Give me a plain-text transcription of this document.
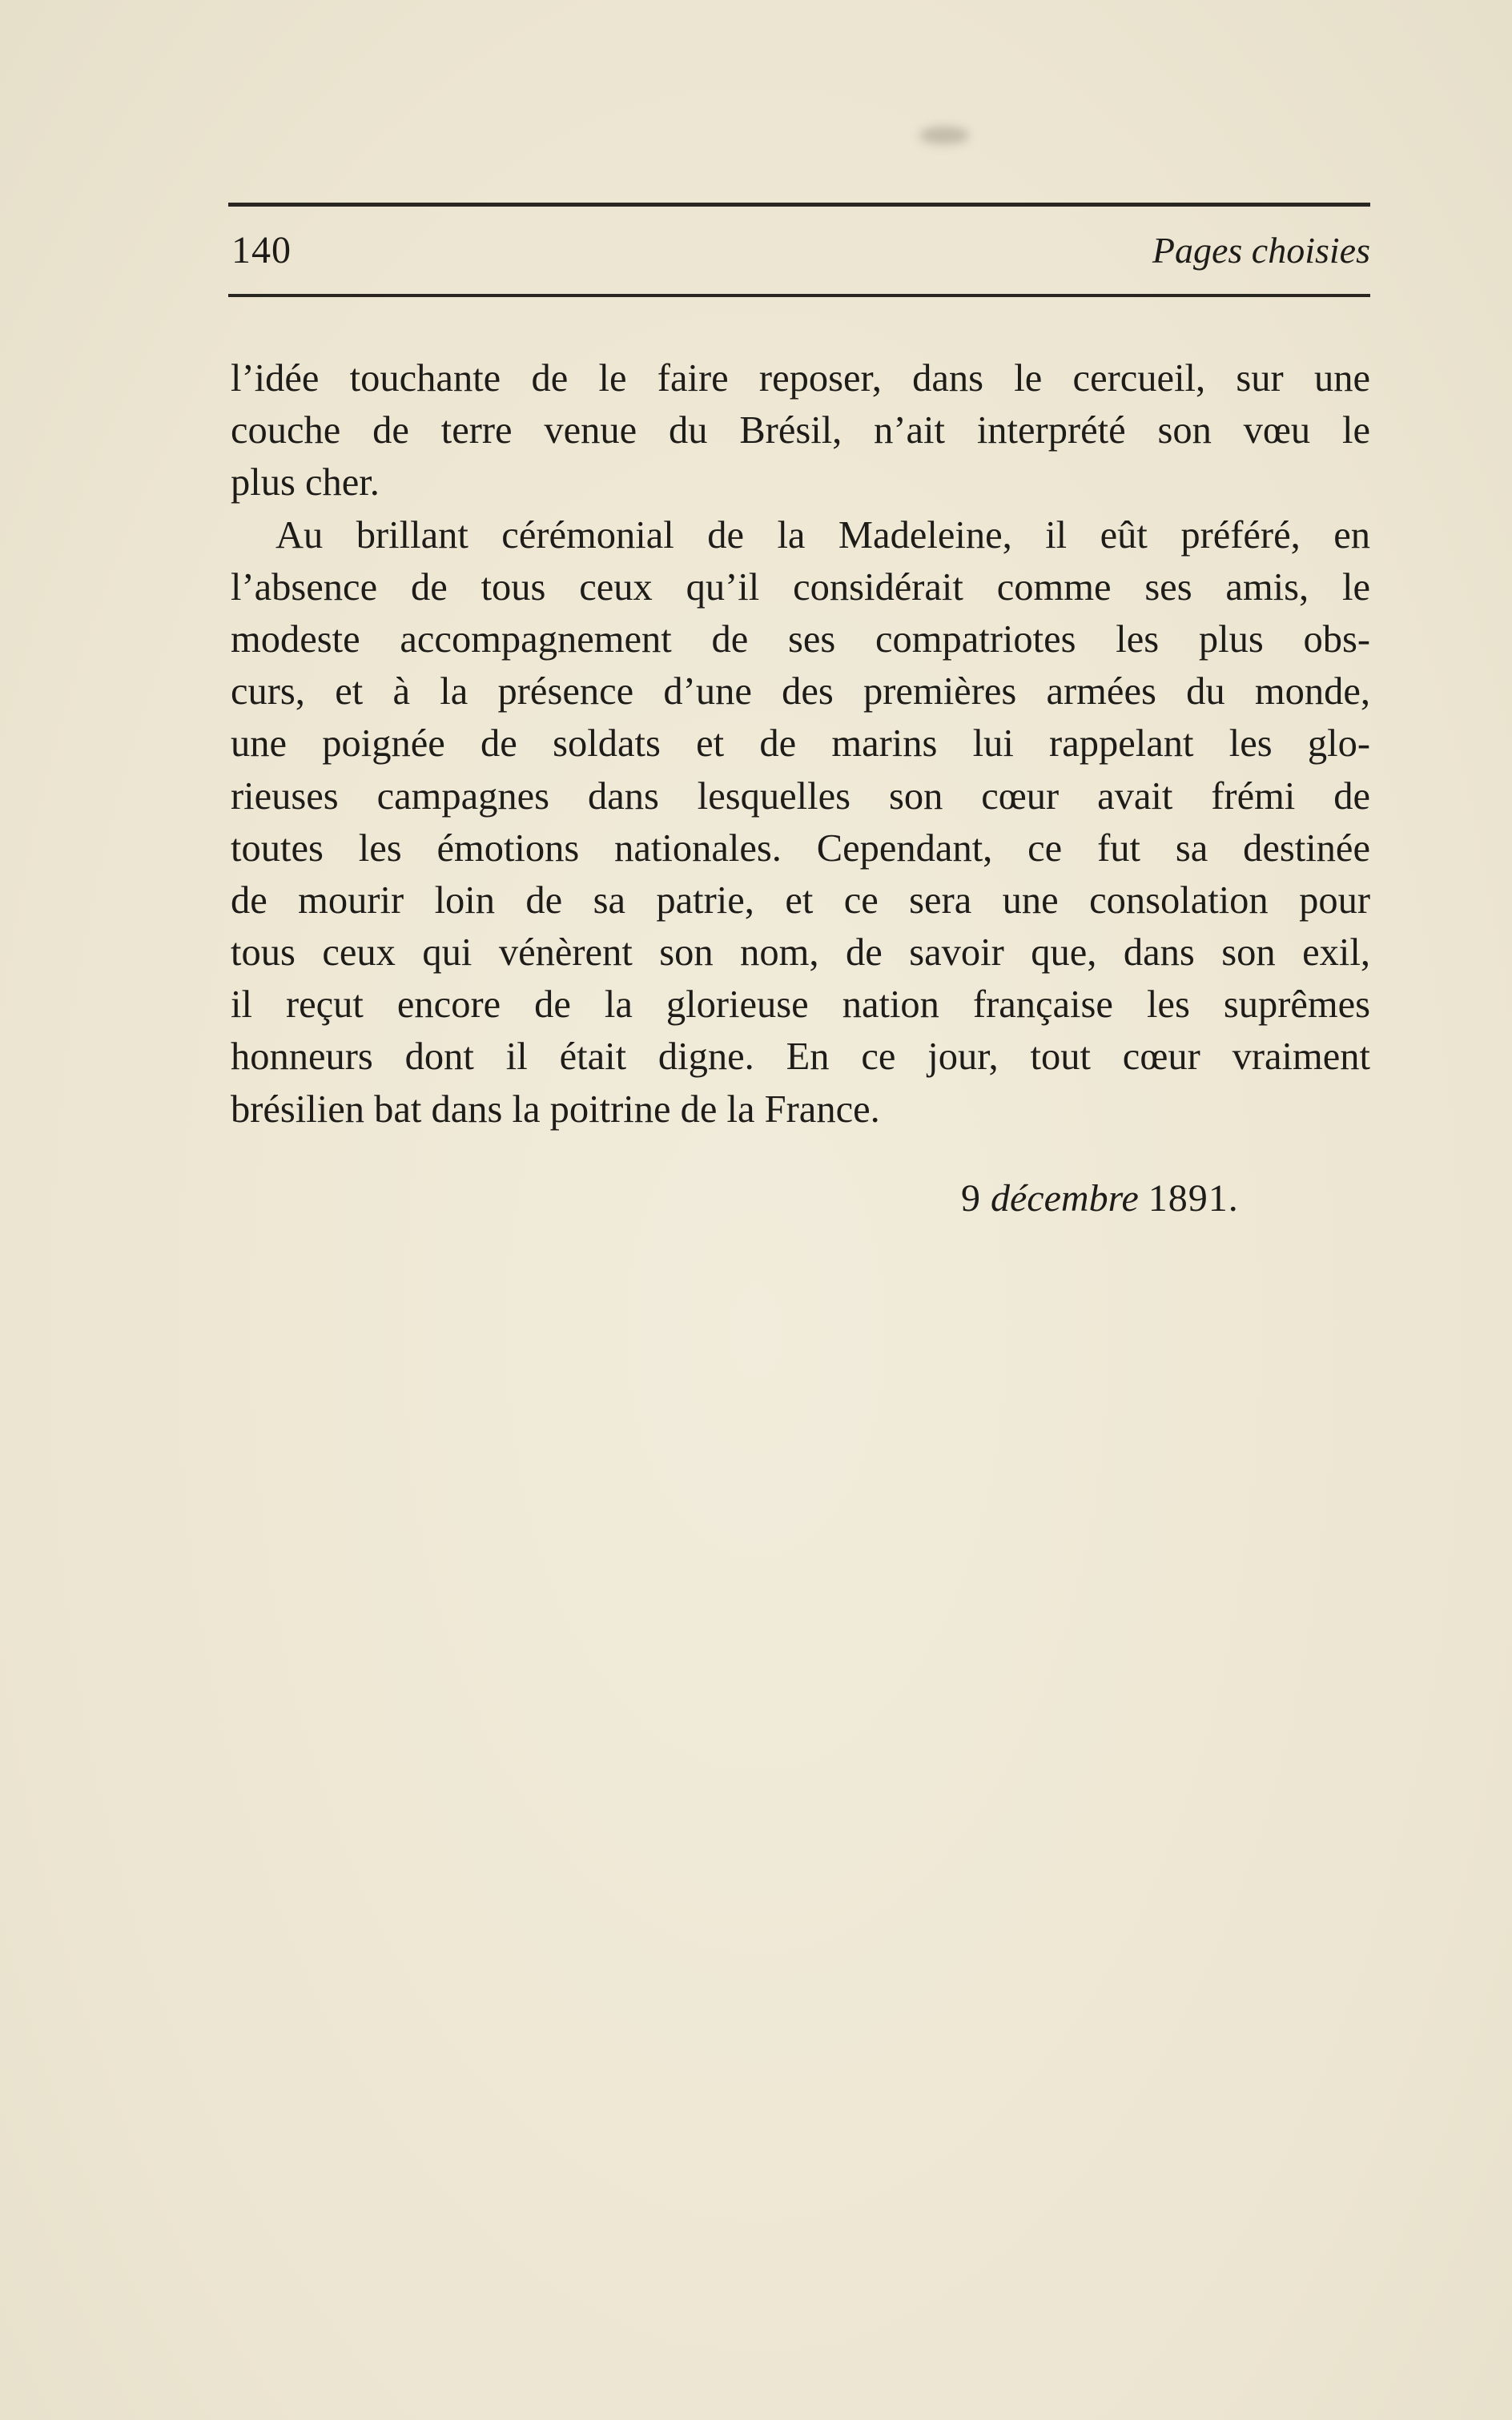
140	Pages choisies
l’idée touchante de le faire reposer, dans le cercueil, sur une
couche de terre venue du Brésil, n’ait interprété son vœu le
plus cher.
Au brillant cérémonial de la Madeleine, il eût préféré, en
l’absence de tous ceux qu’il considérait comme ses amis, le
modeste accompagnement de ses compatriotes les plus obs-
curs, et à la présence d’une des premières armées du monde,
une poignée de soldats et de marins lui rappelant les glo-
rieuses campagnes dans lesquelles son cœur avait frémi de
toutes les émotions nationales. Cependant, ce fut sa destinée
de mourir loin de sa patrie, et ce sera une consolation pour
tous ceux qui vénèrent son nom, de savoir que, dans son exil,
il reçut encore de la glorieuse nation française les suprêmes
honneurs dont il était digne. En ce jour, tout cœur vraiment
brésilien bat dans la poitrine de la France.
9 décembre 1891.
